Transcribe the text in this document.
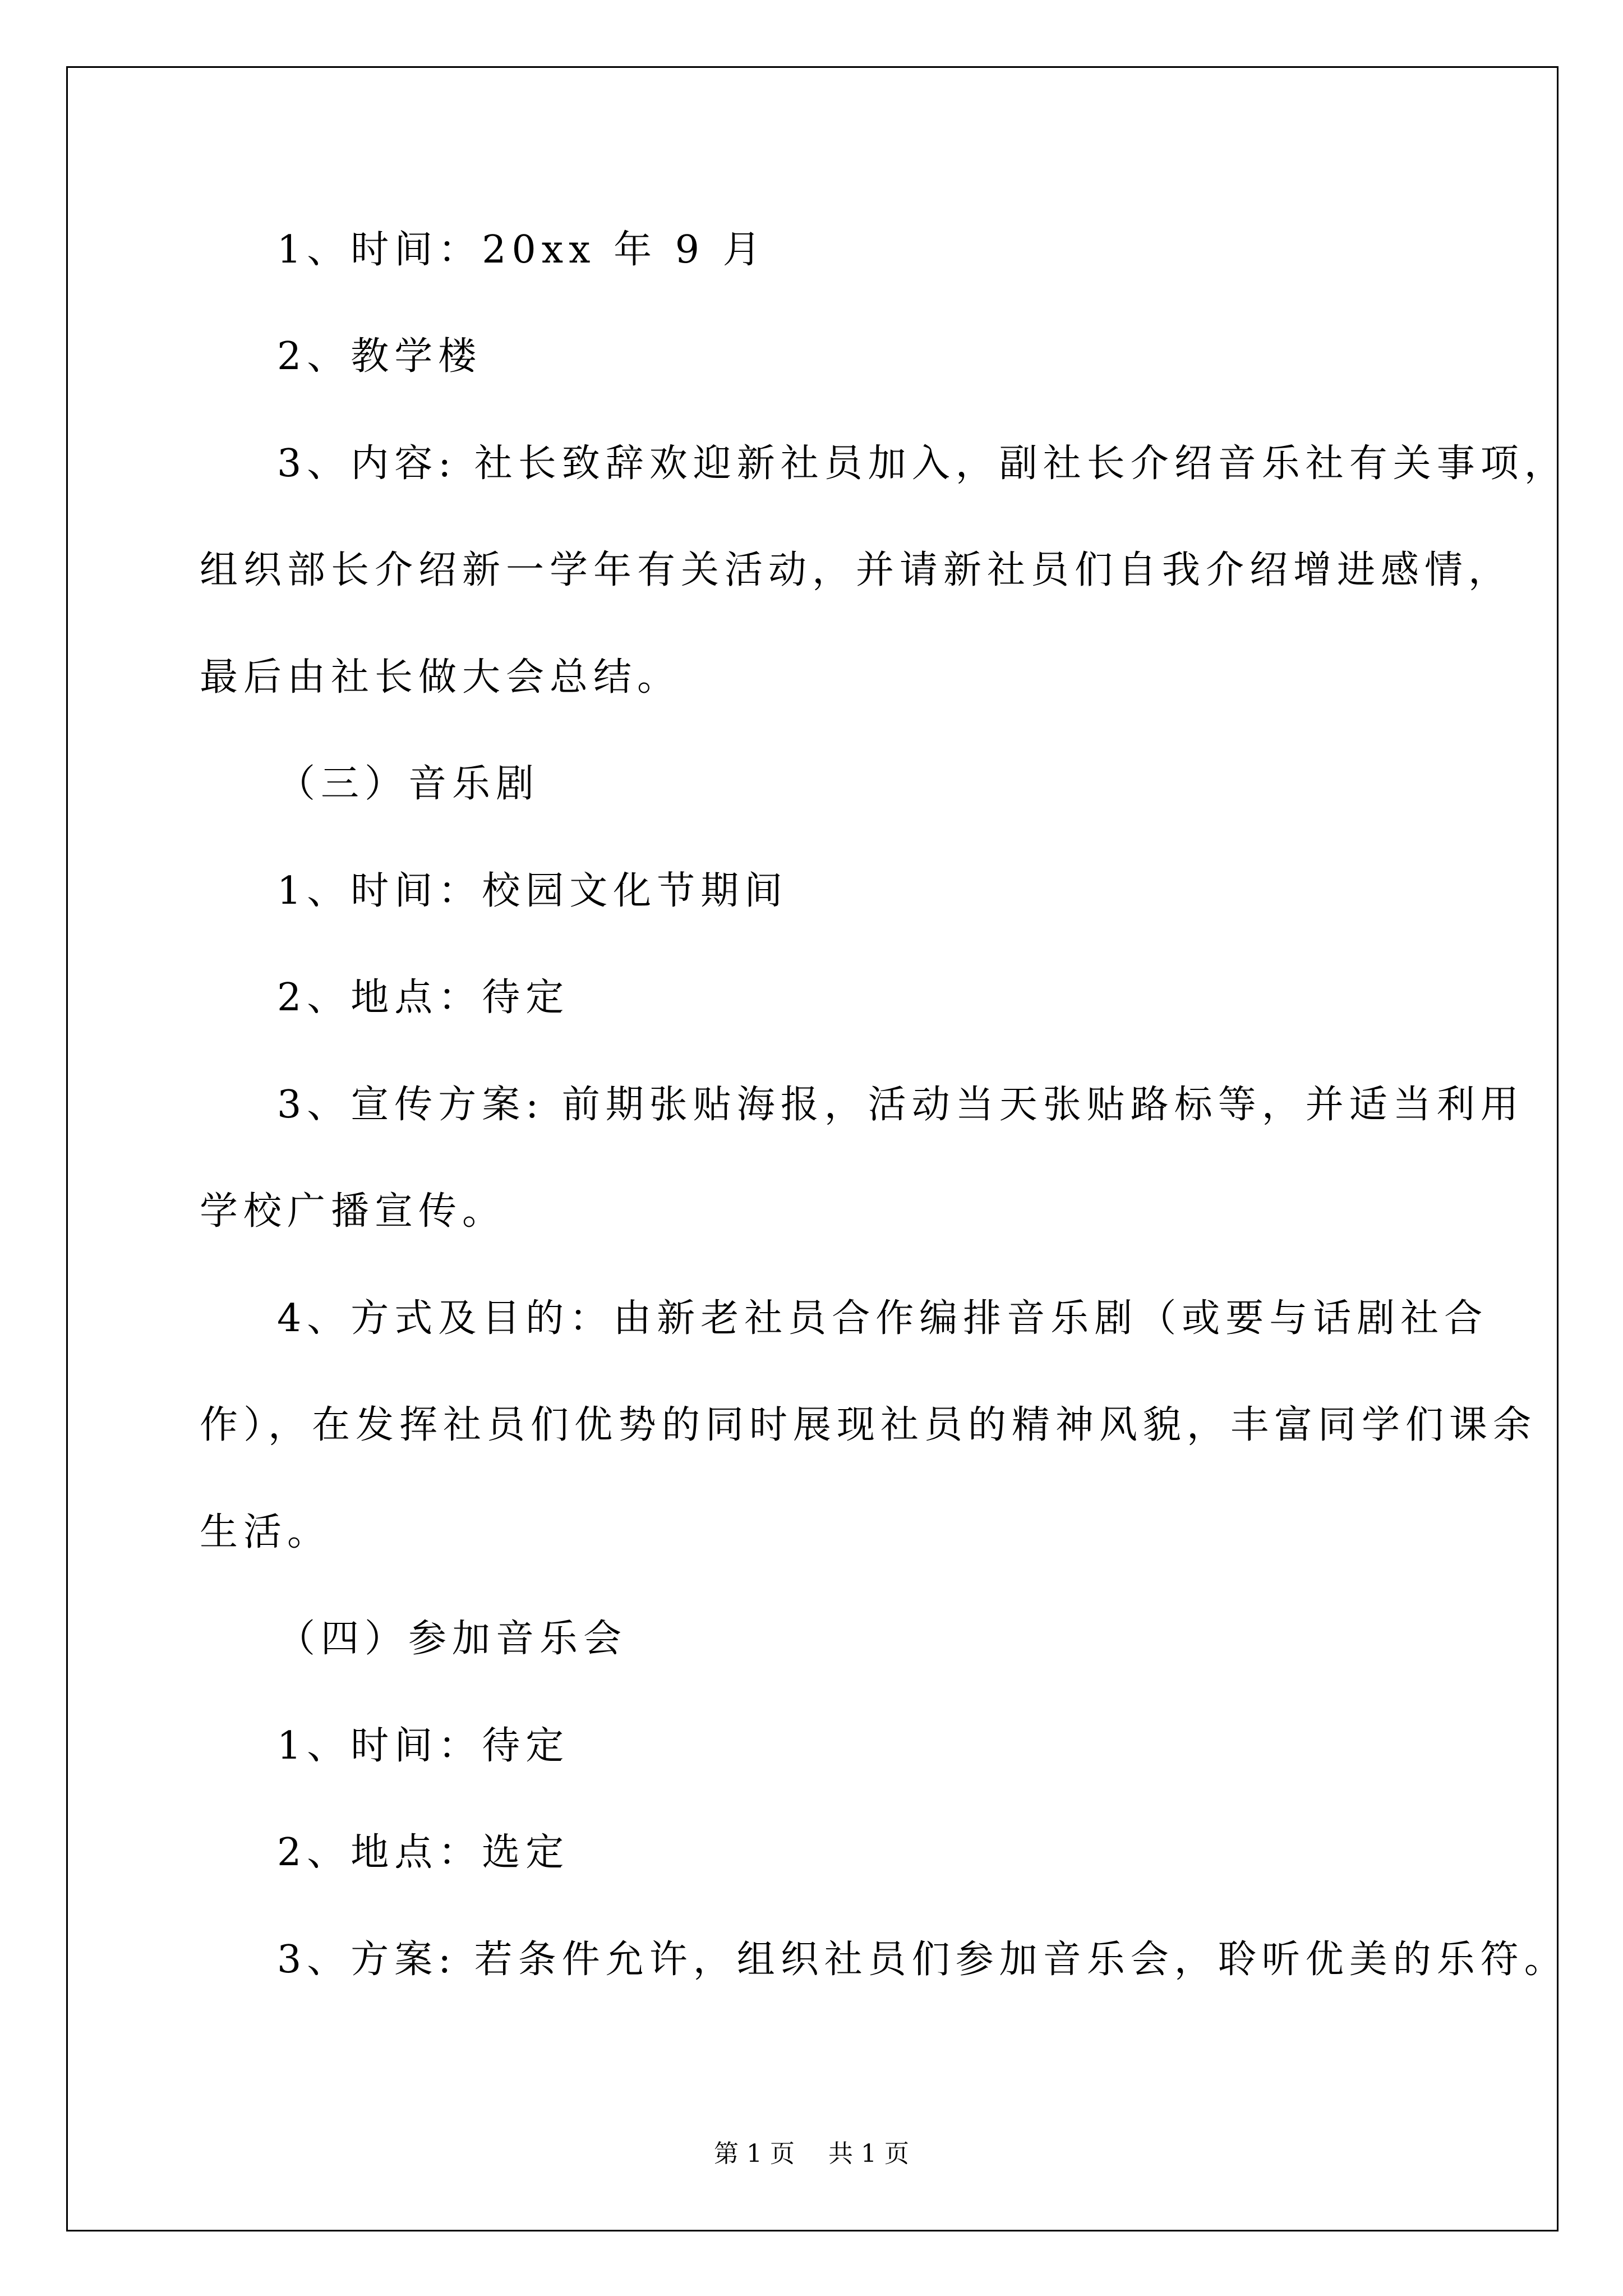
1、时间：20xx 年 9 月
2、教学楼
3、内容: 社长致辞欢迎新社员加入，副社长介绍音乐社有关事项，
组织部长介绍新一学年有关活动，并请新社员们自我介绍增进感情，
最后由社长做大会总结。
（三）音乐剧
1、时间：校园文化节期间
2、地点：待定
3、宣传方案: 前期张贴海报，活动当天张贴路标等，并适当利用
学校广播宣传。
4、方式及目的：由新老社员合作编排音乐剧（或要与话剧社合
作），在发挥社员们优势的同时展现社员的精神风貌，丰富同学们课余
生活。
（四）参加音乐会
1、时间：待定
2、地点：选定
3、方案: 若条件允许，组织社员们参加音乐会，聆听优美的乐符。
第 1 页 共 1 页
